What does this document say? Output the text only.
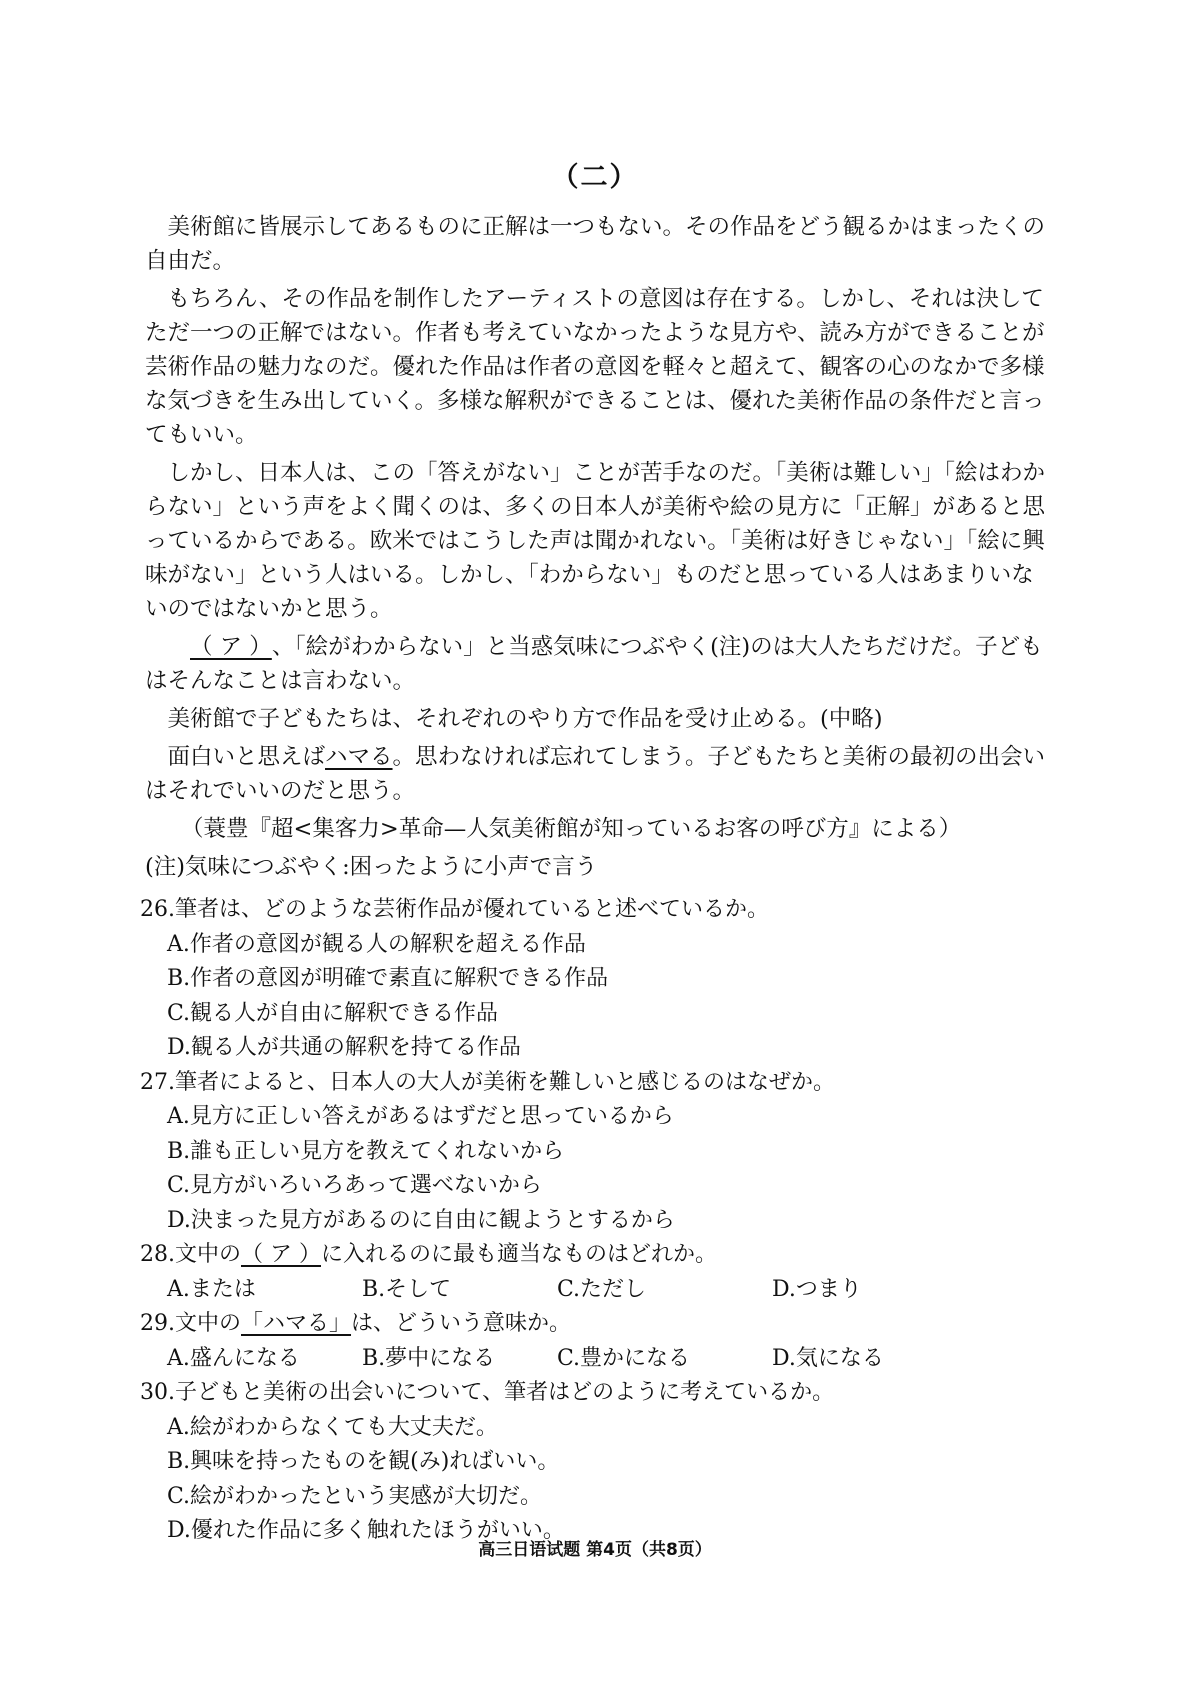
（二）

美術館に皆展示してあるものに正解は一つもない。その作品をどう観るかはまったくの自由だ。

もちろん、その作品を制作したアーティストの意図は存在する。しかし、それは決してただ一つの正解ではない。作者も考えていなかったような見方や、読み方ができることが芸術作品の魅力なのだ。優れた作品は作者の意図を軽々と超えて、観客の心のなかで多様な気づきを生み出していく。多様な解釈ができることは、優れた美術作品の条件だと言ってもいい。

しかし、日本人は、この「答えがない」ことが苦手なのだ。「美術は難しい」「絵はわからない」という声をよく聞くのは、多くの日本人が美術や絵の見方に「正解」があると思っているからである。欧米ではこうした声は聞かれない。「美術は好きじゃない」「絵に興味がない」という人はいる。しかし、「わからない」ものだと思っている人はあまりいないのではないかと思う。

（ ア ）、「絵がわからない」と当惑気味につぶやく(注)のは大人たちだけだ。子どもはそんなことは言わない。

美術館で子どもたちは、それぞれのやり方で作品を受け止める。(中略)

面白いと思えばハマる。思わなければ忘れてしまう。子どもたちと美術の最初の出会いはそれでいいのだと思う。

（蓑豊『超<集客力>革命—人気美術館が知っているお客の呼び方』による）

(注)気味につぶやく:困ったように小声で言う

26.筆者は、どのような芸術作品が優れていると述べているか。

A.作者の意図が観る人の解釈を超える作品

B.作者の意図が明確で素直に解釈できる作品

C.観る人が自由に解釈できる作品

D.観る人が共通の解釈を持てる作品

27.筆者によると、日本人の大人が美術を難しいと感じるのはなぜか。

A.見方に正しい答えがあるはずだと思っているから

B.誰も正しい見方を教えてくれないから

C.見方がいろいろあって選べないから

D.決まった見方があるのに自由に観ようとするから

28.文中の（ ア ）に入れるのに最も適当なものはどれか。

A.または	B.そして	C.ただし	D.つまり

29.文中の「ハマる」は、どういう意味か。

A.盛んになる	B.夢中になる	C.豊かになる	D.気になる

30.子どもと美術の出会いについて、筆者はどのように考えているか。

A.絵がわからなくても大丈夫だ。

B.興味を持ったものを観(み)ればいい。

C.絵がわかったという実感が大切だ。

D.優れた作品に多く触れたほうがいい。

高三日语试题 第4页（共8页）
